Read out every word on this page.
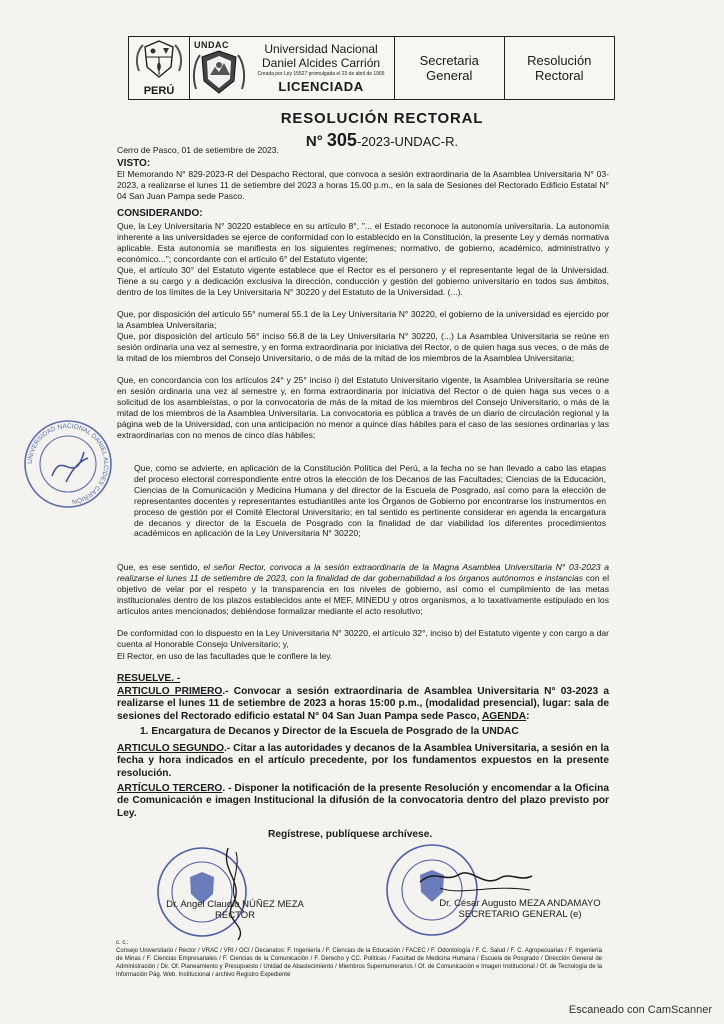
PERÚ
UNDAC	Universidad Nacional
Daniel Alcides Carrión
Creada por Ley 15527 promulgada el 23 de abril de 1965
LICENCIADA
Secretaria
General
Resolución
Rectoral
RESOLUCIÓN RECTORAL
N° 305-2023-UNDAC-R.

Cerro de Pasco, 01 de setiembre de 2023.

VISTO:

El Memorando N° 829-2023-R del Despacho Rectoral, que convoca a sesión extraordinaria de la Asamblea Universitaria N° 03-2023, a realizarse el lunes 11 de setiembre del 2023 a horas 15.00 p.m., en la sala de Sesiones del Rectorado Edificio Estatal N° 04 San Juan Pampa sede Pasco.

CONSIDERANDO:

Que, la Ley Universitaria N° 30220 establece en su artículo 8°, "... el Estado reconoce la autonomía universitaria. La autonomía inherente a las universidades se ejerce de conformidad con lo establecido en la Constitución, la presente Ley y demás normativa aplicable. Esta autonomía se manifiesta en los siguientes regímenes; normativo, de gobierno, académico, administrativo y económico..."; concordante con el artículo 6° del Estatuto vigente;

Que, el artículo 30° del Estatuto vigente establece que el Rector es el personero y el representante legal de la Universidad. Tiene a su cargo y a dedicación exclusiva la dirección, conducción y gestión del gobierno universitario en todos sus ámbitos, dentro de los límites de la Ley Universitaria N° 30220 y del Estatuto de la Universidad. (...).

Que, por disposición del artículo 55° numeral 55.1 de la Ley Universitaria N° 30220, el gobierno de la universidad es ejercido por la Asamblea Universitaria;

Que, por disposición del artículo 56° inciso 56.8 de la Ley Universitaria N° 30220, (...) La Asamblea Universitaria se reúne en sesión ordinaria una vez al semestre, y en forma extraordinaria por iniciativa del Rector, o de quien haga sus veces, o de más de la mitad de los miembros del Consejo Universitario, o de más de la mitad de los miembros de la Asamblea Universitaria;

Que, en concordancia con los artículos 24° y 25° inciso i) del Estatuto Universitario vigente, la Asamblea Universitaria se reúne en sesión ordinaria una vez al semestre y, en forma extraordinaria por iniciativa del Rector o de quien haga sus veces o a solicitud de los asambleístas, o por la convocatoria de más de la mitad de los miembros del Consejo Universitario, o más de la mitad de los miembros de la Asamblea Universitaria. La convocatoria es pública a través de un diario de circulación regional y la página web de la Universidad, con una anticipación no menor a quince días hábiles para el caso de las sesiones ordinarias y las extraordinarias con no menos de cinco días hábiles;

Que, como se advierte, en aplicación de la Constitución Política del Perú, a la fecha no se han llevado a cabo las etapas del proceso electoral correspondiente entre otros la elección de los Decanos de las Facultades; Ciencias de la Educación, Ciencias de la Comunicación y Medicina Humana y del director de la Escuela de Posgrado, así como para la elección de representantes docentes y representantes estudiantiles ante los Órganos de Gobierno por encontrarse los instrumentos en proceso de gestión por el Comité Electoral Universitario; en tal sentido es pertinente considerar en agenda la encargatura de decanos y director de la Escuela de Posgrado con la finalidad de dar viabilidad los diferentes procedimientos académicos en aplicación de la Ley Universitaria N° 30220;

Que, es ese sentido, el señor Rector, convoca a la sesión extraordinaria de la Magna Asamblea Universitaria N° 03-2023 a realizarse el lunes 11 de setiembre de 2023, con la finalidad de dar gobernabilidad a los órganos autónomos e instancias con el objetivo de velar por el respeto y la transparencia en los niveles de gobierno, así como el cumplimiento de las metas institucionales dentro de los plazos establecidos ante el MEF, MINEDU y otros organismos, a lo taxativamente estipulado en los artículos antes mencionados; debiéndose formalizar mediante el acto resolutivo;

De conformidad con lo dispuesto en la Ley Universitaria N° 30220, el artículo 32°, inciso b) del Estatuto vigente y con cargo a dar cuenta al Honorable Consejo Universitario; y,

El Rector, en uso de las facultades que le confiere la ley.

UNIVERSIDAD NACIONAL DANIEL ALCIDES CARRIÓN

RESUELVE. -

ARTICULO PRIMERO.- Convocar a sesión extraordinaria de Asamblea Universitaria N° 03-2023 a realizarse el lunes 11 de setiembre de 2023 a horas 15:00 p.m., (modalidad presencial), lugar: sala de sesiones del Rectorado edificio estatal N° 04 San Juan Pampa sede Pasco, AGENDA:

1. Encargatura de Decanos y Director de la Escuela de Posgrado de la UNDAC

ARTICULO SEGUNDO.- Citar a las autoridades y decanos de la Asamblea Universitaria, a sesión en la fecha y hora indicados en el artículo precedente, por los fundamentos expuestos en la presente resolución.

ARTÍCULO TERCERO. - Disponer la notificación de la presente Resolución y encomendar a la Oficina de Comunicación e imagen Institucional la difusión de la convocatoria dentro del plazo previsto por Ley.

Regístrese, publíquese archívese.

Dr. Angel Claudio NÚÑEZ MEZA
RECTOR
Dr. César Augusto MEZA ANDAMAYO
SECRETARIO GENERAL (e)

c. c.:
Consejo Universitario / Rector / VRAC / VRI / OCI / Decanatos: F. Ingeniería / F. Ciencias de la Educación / FACEC / F. Odontología / F. C. Salud / F. C. Agropecuarias / F. Ingeniería de Minas / F. Ciencias Empresariales / F. Ciencias de la Comunicación / F. Derecho y CC. Políticas / Facultad de Medicina Humana / Escuela de Posgrado / Dirección General de Administración / Dir. Of. Planeamiento y Presupuesto / Unidad de Abastecimiento / Miembros Supernumerarios / Of. de Comunicación e Imagen Institucional / Of. de Tecnología de la Información Pág. Web. Institucional / archivo Registro Expediente

Escaneado con CamScanner
